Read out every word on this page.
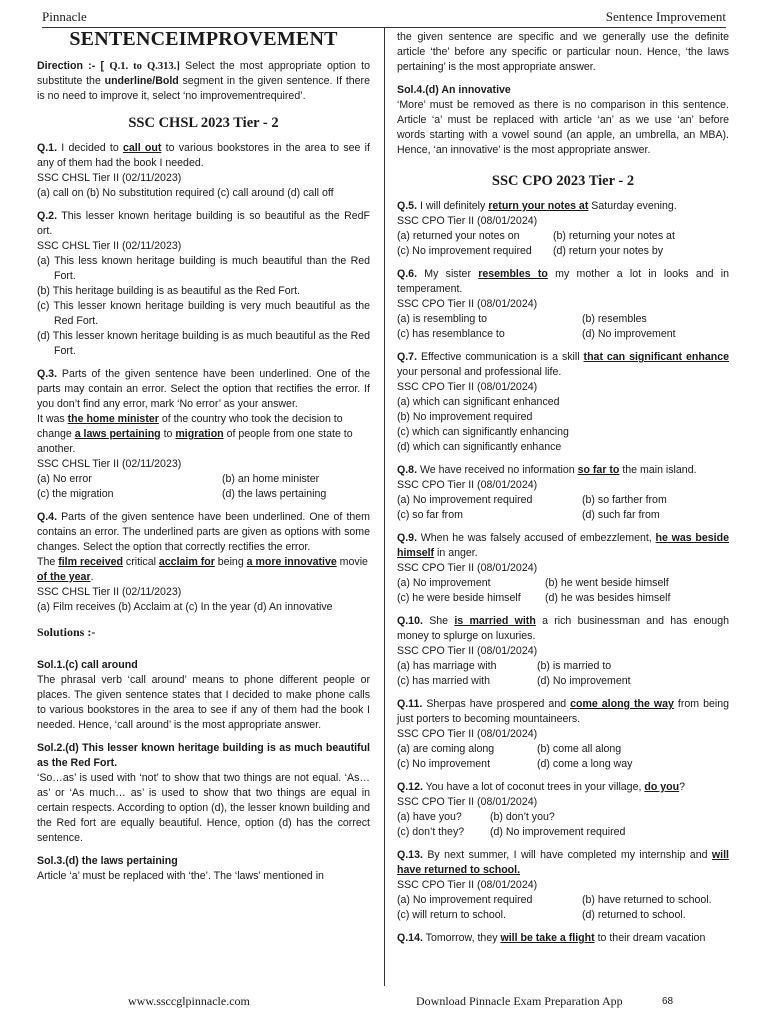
Pinnacle	Sentence Improvement
SENTENCEIMPROVEMENT

Direction :- [ Q.1. to Q.313.] Select the most appropriate option to substitute the underline/Bold segment in the given sentence. If there is no need to improve it, select ‘no improvementrequired’.

SSC CHSL 2023 Tier - 2

Q.1. I decided to call out to various bookstores in the area to see if any of them had the book I needed.

SSC CHSL Tier II (02/11/2023)

(a) call on (b) No substitution required (c) call around (d) call off

Q.2. This lesser known heritage building is so beautiful as the RedF ort.

SSC CHSL Tier II (02/11/2023)

(a) This less known heritage building is much beautiful than the Red Fort.

(b) This heritage building is as beautiful as the Red Fort.

(c) This lesser known heritage building is very much beautiful as the Red Fort.

(d) This lesser known heritage building is as much beautiful as the Red Fort.

Q.3. Parts of the given sentence have been underlined. One of the parts may contain an error. Select the option that rectifies the error. If you don’t find any error, mark ‘No error’ as your answer.

It was the home minister of the country who took the decision to change a laws pertaining to migration of people from one state to another.

SSC CHSL Tier II (02/11/2023)

(a) No error	(b) an home minister
(c) the migration	(d) the laws pertaining

Q.4. Parts of the given sentence have been underlined. One of them contains an error. The underlined parts are given as options with some changes. Select the option that correctly rectifies the error.

The film received critical acclaim for being a more innovative movie of the year.

SSC CHSL Tier II (02/11/2023)

(a) Film receives (b) Acclaim at (c) In the year (d) An innovative

Solutions :-

Sol.1.(c) call around

The phrasal verb ‘call around’ means to phone different people or places. The given sentence states that I decided to make phone calls to various bookstores in the area to see if any of them had the book I needed. Hence, ‘call around’ is the most appropriate answer.

Sol.2.(d) This lesser known heritage building is as much beautiful as the Red Fort.

‘So…as’ is used with ‘not’ to show that two things are not equal. ‘As…as’ or ‘As much… as’ is used to show that two things are equal in certain respects. According to option (d), the lesser known building and the Red fort are equally beautiful. Hence, option (d) has the correct sentence.

Sol.3.(d) the laws pertaining

Article ‘a’ must be replaced with ‘the’. The ‘laws’ mentioned in

the given sentence are specific and we generally use the definite article ‘the’ before any specific or particular noun. Hence, ‘the laws pertaining’ is the most appropriate answer.

Sol.4.(d) An innovative

‘More’ must be removed as there is no comparison in this sentence. Article ‘a’ must be replaced with article ‘an’ as we use ‘an’ before words starting with a vowel sound (an apple, an umbrella, an MBA). Hence, ‘an innovative’ is the most appropriate answer.

SSC CPO 2023 Tier - 2

Q.5. I will definitely return your notes at Saturday evening.

SSC CPO Tier II (08/01/2024)

(a) returned your notes on	(b) returning your notes at
(c) No improvement required	(d) return your notes by

Q.6. My sister resembles to my mother a lot in looks and in temperament.

SSC CPO Tier II (08/01/2024)

(a) is resembling to	(b) resembles
(c) has resemblance to	(d) No improvement

Q.7. Effective communication is a skill that can significant enhance your personal and professional life.

SSC CPO Tier II (08/01/2024)

(a) which can significant enhanced

(b) No improvement required

(c) which can significantly enhancing

(d) which can significantly enhance

Q.8. We have received no information so far to the main island.

SSC CPO Tier II (08/01/2024)

(a) No improvement required	(b) so farther from
(c) so far from	(d) such far from

Q.9. When he was falsely accused of embezzlement, he was beside himself in anger.

SSC CPO Tier II (08/01/2024)

(a) No improvement	(b) he went beside himself
(c) he were beside himself	(d) he was besides himself

Q.10. She is married with a rich businessman and has enough money to splurge on luxuries.

SSC CPO Tier II (08/01/2024)

(a) has marriage with	(b) is married to
(c) has married with	(d) No improvement

Q.11. Sherpas have prospered and come along the way from being just porters to becoming mountaineers.

SSC CPO Tier II (08/01/2024)

(a) are coming along	(b) come all along
(c) No improvement	(d) come a long way

Q.12. You have a lot of coconut trees in your village, do you?

SSC CPO Tier II (08/01/2024)

(a) have you?	(b) don’t you?
(c) don’t they?	(d) No improvement required

Q.13. By next summer, I will have completed my internship and will have returned to school.

SSC CPO Tier II (08/01/2024)

(a) No improvement required	(b) have returned to school.
(c) will return to school.	(d) returned to school.

Q.14. Tomorrow, they will be take a flight to their dream vacation

www.ssccglpinnacle.com	Download Pinnacle Exam Preparation App	68
